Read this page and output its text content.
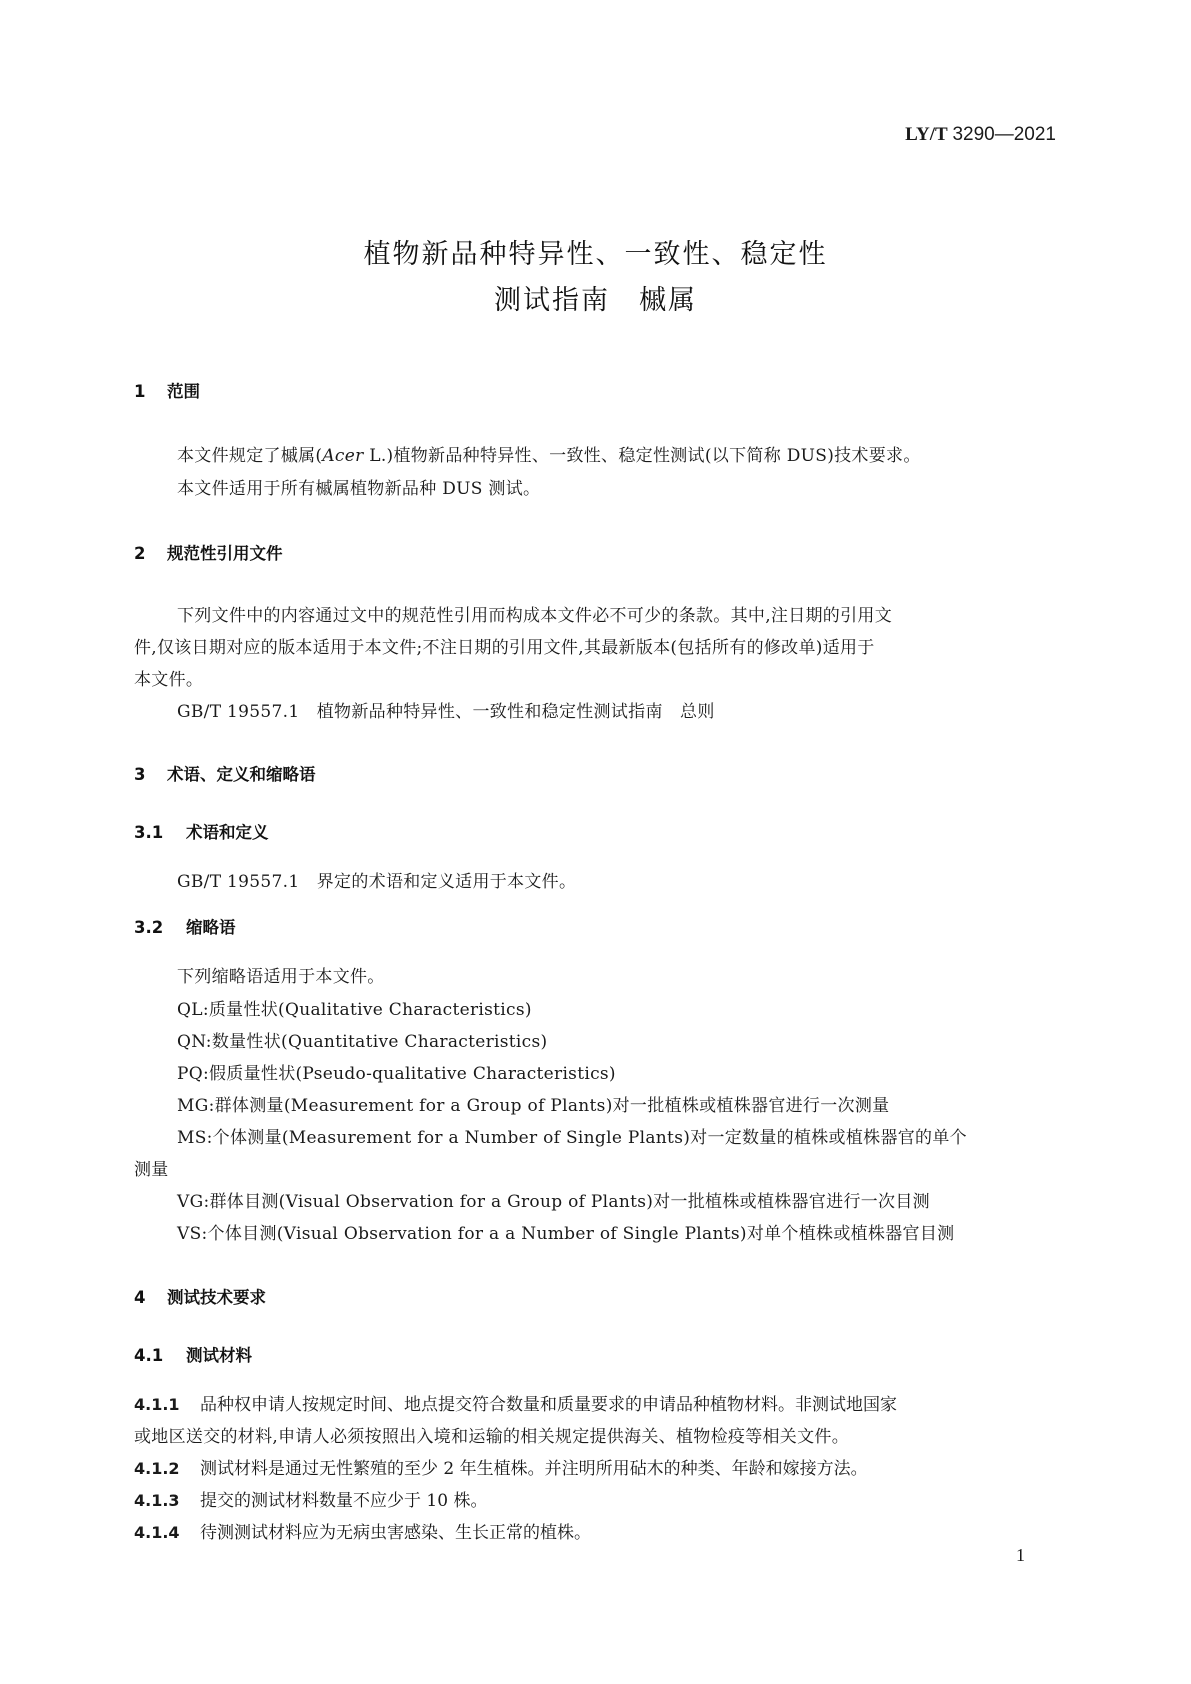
LY/T 3290—2021
植物新品种特异性、一致性、稳定性
测试指南　槭属
1 范围
本文件规定了槭属(Acer L.)植物新品种特异性、一致性、稳定性测试(以下简称 DUS)技术要求。
本文件适用于所有槭属植物新品种 DUS 测试。
2 规范性引用文件
下列文件中的内容通过文中的规范性引用而构成本文件必不可少的条款。其中,注日期的引用文
件,仅该日期对应的版本适用于本文件;不注日期的引用文件,其最新版本(包括所有的修改单)适用于
本文件。
GB/T 19557.1　植物新品种特异性、一致性和稳定性测试指南　总则
3 术语、定义和缩略语
3.1 术语和定义
GB/T 19557.1　界定的术语和定义适用于本文件。
3.2 缩略语
下列缩略语适用于本文件。
QL:质量性状(Qualitative Characteristics)
QN:数量性状(Quantitative Characteristics)
PQ:假质量性状(Pseudo-qualitative Characteristics)
MG:群体测量(Measurement for a Group of Plants)对一批植株或植株器官进行一次测量
MS:个体测量(Measurement for a Number of Single Plants)对一定数量的植株或植株器官的单个
测量
VG:群体目测(Visual Observation for a Group of Plants)对一批植株或植株器官进行一次目测
VS:个体目测(Visual Observation for a a Number of Single Plants)对单个植株或植株器官目测
4 测试技术要求
4.1 测试材料
4.1.1 品种权申请人按规定时间、地点提交符合数量和质量要求的申请品种植物材料。非测试地国家
或地区送交的材料,申请人必须按照出入境和运输的相关规定提供海关、植物检疫等相关文件。
4.1.2 测试材料是通过无性繁殖的至少 2 年生植株。并注明所用砧木的种类、年龄和嫁接方法。
4.1.3 提交的测试材料数量不应少于 10 株。
4.1.4 待测测试材料应为无病虫害感染、生长正常的植株。
1
